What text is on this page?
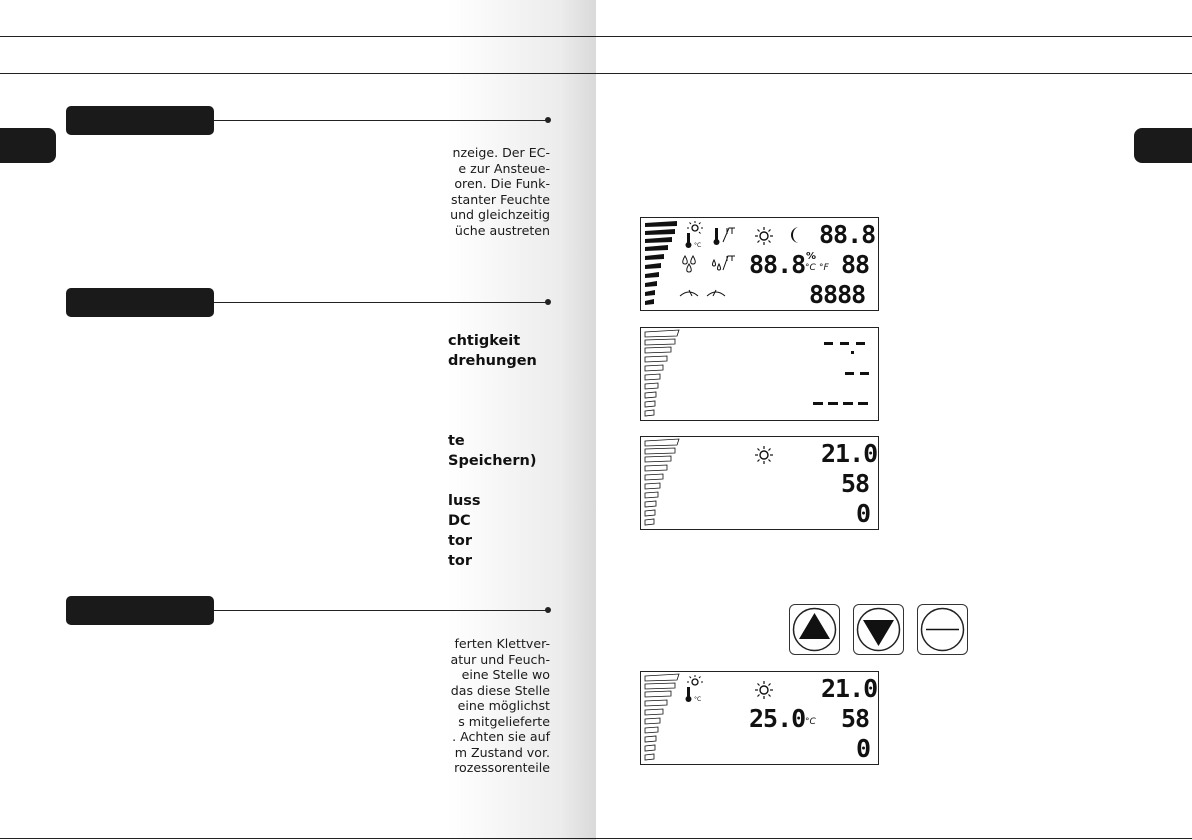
nzeige. Der EC-
e zur Ansteue-
oren. Die Funk-
stanter Feuchte
und gleichzeitig
üche austreten
chtigkeit
drehungen
te
Speichern)
luss
DC
tor
tor
ferten Klettver-
atur und Feuch-
eine Stelle wo
das diese Stelle
eine möglichst
s mitgelieferte
. Achten sie auf
m Zustand vor.
rozessorenteile
°C	88.8
88.8 %
°C °F 88
8888
21.0
58
0
°C	21.0
25.0 °C 58
0
